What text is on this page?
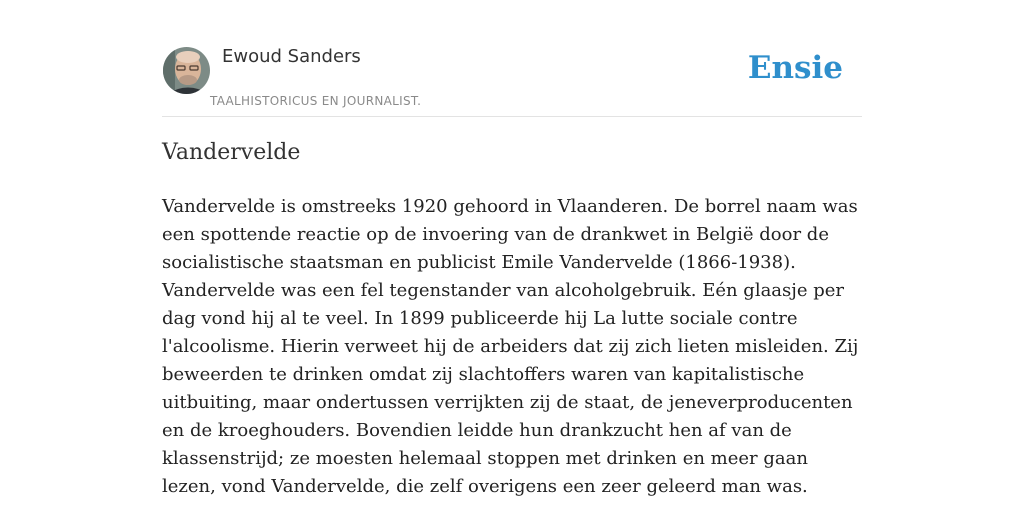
Ewoud Sanders
TAALHISTORICUS EN JOURNALIST.
Ensie
Vandervelde

Vandervelde is omstreeks 1920 gehoord in Vlaanderen. De borrel naam was een spottende reactie op de invoering van de drankwet in België door de socialistische staatsman en publicist Emile Vandervelde (1866-1938). Vandervelde was een fel tegenstander van alcoholgebruik. Eén glaasje per dag vond hij al te veel. In 1899 publiceerde hij La lutte sociale contre l'alcoolisme. Hierin verweet hij de arbeiders dat zij zich lieten misleiden. Zij beweerden te drinken omdat zij slachtoffers waren van kapitalistische uitbuiting, maar ondertussen verrijkten zij de staat, de jeneverproducenten en de kroeghouders. Bovendien leidde hun drankzucht hen af van de klassenstrijd; ze moesten helemaal stoppen met drinken en meer gaan lezen, vond Vandervelde, die zelf overigens een zeer geleerd man was.
